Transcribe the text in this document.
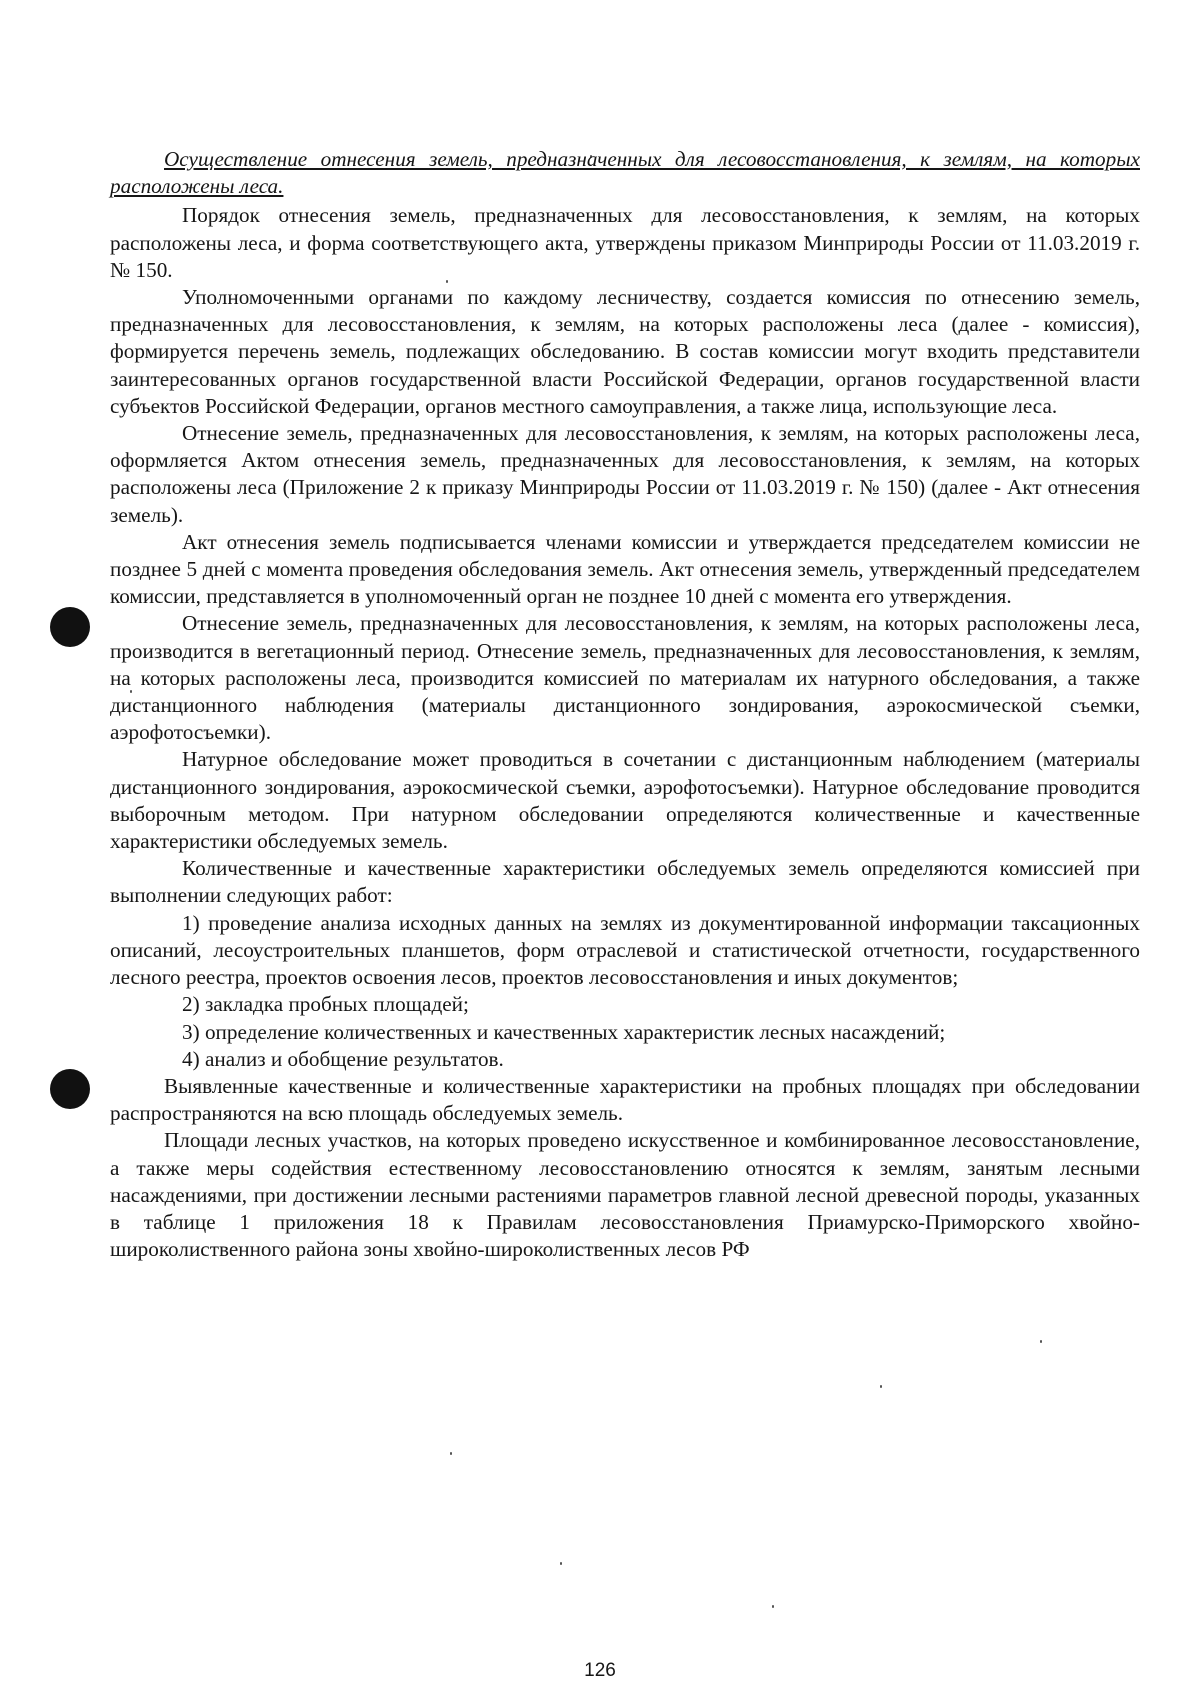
Осуществление отнесения земель, предназначенных для лесовосстановления, к землям, на которых расположены леса.

Порядок отнесения земель, предназначенных для лесовосстановления, к землям, на которых расположены леса, и форма соответствующего акта, утверждены приказом Минприроды России от 11.03.2019 г. № 150.

Уполномоченными органами по каждому лесничеству, создается комиссия по отнесению земель, предназначенных для лесовосстановления, к землям, на которых расположены леса (далее - комиссия), формируется перечень земель, подлежащих обследованию. В состав комиссии могут входить представители заинтересованных органов государственной власти Российской Федерации, органов государственной власти субъектов Российской Федерации, органов местного самоуправления, а также лица, использующие леса.

Отнесение земель, предназначенных для лесовосстановления, к землям, на которых расположены леса, оформляется Актом отнесения земель, предназначенных для лесовосстановления, к землям, на которых расположены леса (Приложение 2 к приказу Минприроды России от 11.03.2019 г. № 150) (далее - Акт отнесения земель).

Акт отнесения земель подписывается членами комиссии и утверждается председателем комиссии не позднее 5 дней с момента проведения обследования земель. Акт отнесения земель, утвержденный председателем комиссии, представляется в уполномоченный орган не позднее 10 дней с момента его утверждения.

Отнесение земель, предназначенных для лесовосстановления, к землям, на которых расположены леса, производится в вегетационный период. Отнесение земель, предназначенных для лесовосстановления, к землям, на которых расположены леса, производится комиссией по материалам их натурного обследования, а также дистанционного наблюдения (материалы дистанционного зондирования, аэрокосмической съемки, аэрофотосъемки).

Натурное обследование может проводиться в сочетании с дистанционным наблюдением (материалы дистанционного зондирования, аэрокосмической съемки, аэрофотосъемки). Натурное обследование проводится выборочным методом. При натурном обследовании определяются количественные и качественные характеристики обследуемых земель.

Количественные и качественные характеристики обследуемых земель определяются комиссией при выполнении следующих работ:

1) проведение анализа исходных данных на землях из документированной информации таксационных описаний, лесоустроительных планшетов, форм отраслевой и статистической отчетности, государственного лесного реестра, проектов освоения лесов, проектов лесовосстановления и иных документов;

2) закладка пробных площадей;

3) определение количественных и качественных характеристик лесных насаждений;

4) анализ и обобщение результатов.

Выявленные качественные и количественные характеристики на пробных площадях при обследовании распространяются на всю площадь обследуемых земель.

Площади лесных участков, на которых проведено искусственное и комбинированное лесовосстановление, а также меры содействия естественному лесовосстановлению относятся к землям, занятым лесными насаждениями, при достижении лесными растениями параметров главной лесной древесной породы, указанных в таблице 1 приложения 18 к Правилам лесовосстановления Приамурско-Приморского хвойно-широколиственного района зоны хвойно-широколиственных лесов РФ

126
